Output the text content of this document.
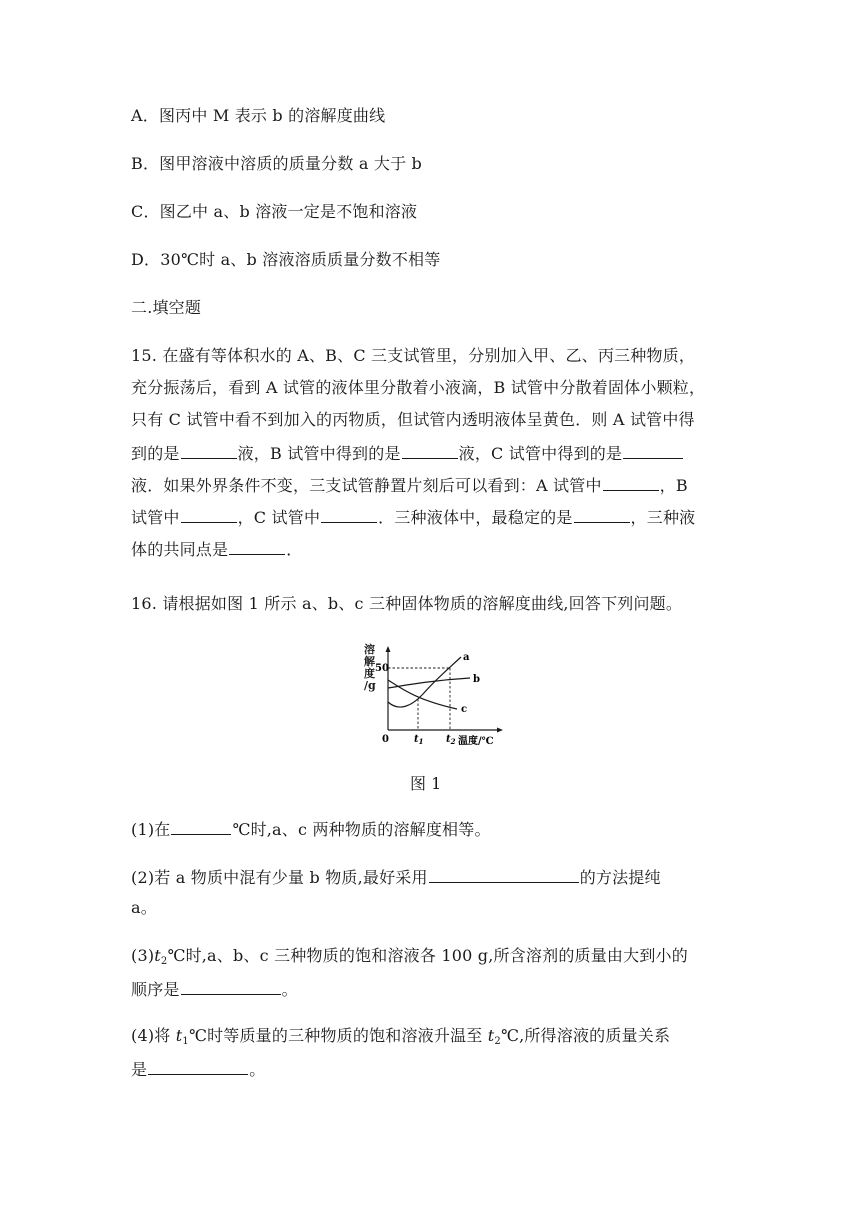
A．图丙中 M 表示 b 的溶解度曲线
B．图甲溶液中溶质的质量分数 a 大于 b
C．图乙中 a、b 溶液一定是不饱和溶液
D．30℃时 a、b 溶液溶质质量分数不相等
二.填空题
15. 在盛有等体积水的 A、B、C 三支试管里，分别加入甲、乙、丙三种物质，
充分振荡后，看到 A 试管的液体里分散着小液滴，B 试管中分散着固体小颗粒，
只有 C 试管中看不到加入的丙物质，但试管内透明液体呈黄色．则 A 试管中得
到的是	液，B 试管中得到的是	液，C 试管中得到的是
液．如果外界条件不变，三支试管静置片刻后可以看到：A 试管中	，B
试管中	，C 试管中	．三种液体中，最稳定的是	，三种液
体的共同点是	．
16. 请根据如图 1 所示 a、b、c 三种固体物质的溶解度曲线,回答下列问题。
溶解度/g
50
0
a
b
c
$t_1$ $t_2$ 温度/℃
图 1
(1)在	℃时,a、c 两种物质的溶解度相等。
(2)若 a 物质中混有少量 b 物质,最好采用	的方法提纯
a。
$(3)t_2℃$时,a、b、c 三种物质的饱和溶液各 100 g,所含溶剂的质量由大到小的
顺序是	。
(4)将 $t_1℃$时等质量的三种物质的饱和溶液升温至 $t_2℃$,所得溶液的质量关系
是	。
